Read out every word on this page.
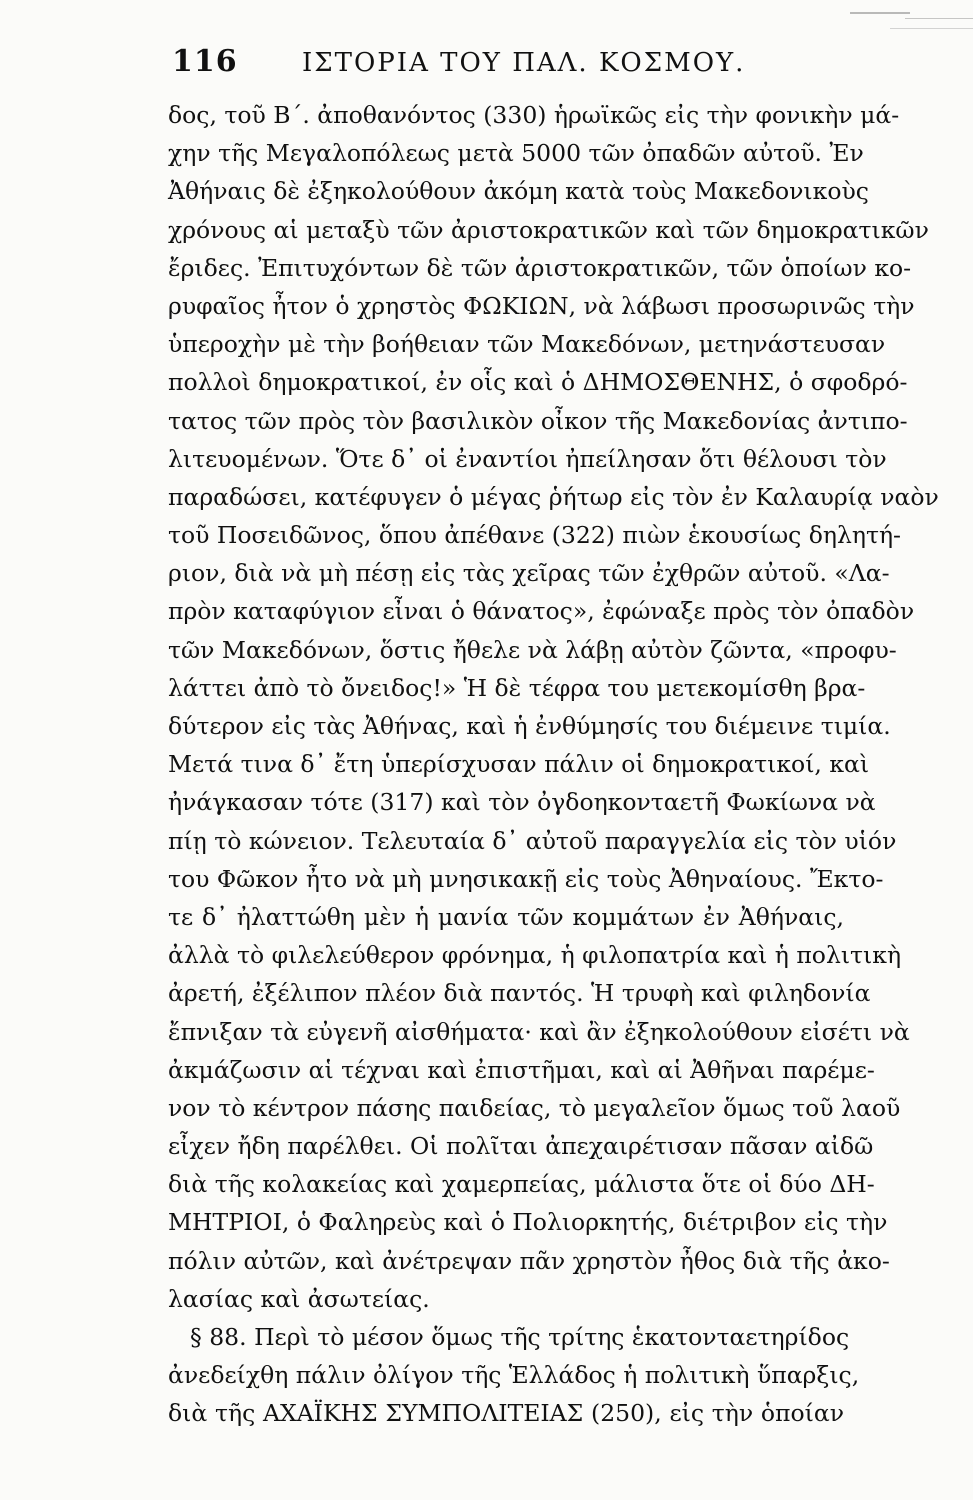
116 ΙΣΤΟΡΙΑ ΤΟΥ ΠΑΛ. ΚΟΣΜΟΥ.
δος, τοῦ Β΄. ἀποθανόντος (330) ἡρωϊκῶς εἰς τὴν φονικὴν μά-
χην τῆς Μεγαλοπόλεως μετὰ 5000 τῶν ὀπαδῶν αὐτοῦ. Ἐν
Ἀθήναις δὲ ἐξηκολούθουν ἀκόμη κατὰ τοὺς Μακεδονικοὺς
χρόνους αἱ μεταξὺ τῶν ἀριστοκρατικῶν καὶ τῶν δημοκρατικῶν
ἔριδες. Ἐπιτυχόντων δὲ τῶν ἀριστοκρατικῶν, τῶν ὁποίων κο-
ρυφαῖος ἦτον ὁ χρηστὸς ΦΩΚΙΩΝ, νὰ λάβωσι προσωρινῶς τὴν
ὑπεροχὴν μὲ τὴν βοήθειαν τῶν Μακεδόνων, μετηνάστευσαν
πολλοὶ δημοκρατικοί, ἐν οἷς καὶ ὁ ΔΗΜΟΣΘΕΝΗΣ, ὁ σφοδρό-
τατος τῶν πρὸς τὸν βασιλικὸν οἶκον τῆς Μακεδονίας ἀντιπο-
λιτευομένων. Ὅτε δ᾽ οἱ ἐναντίοι ἠπείλησαν ὅτι θέλουσι τὸν
παραδώσει, κατέφυγεν ὁ μέγας ῥήτωρ εἰς τὸν ἐν Καλαυρίᾳ ναὸν
τοῦ Ποσειδῶνος, ὅπου ἀπέθανε (322) πιὼν ἑκουσίως δηλητή-
ριον, διὰ νὰ μὴ πέσῃ εἰς τὰς χεῖρας τῶν ἐχθρῶν αὐτοῦ. «Λα-
πρὸν καταφύγιον εἶναι ὁ θάνατος», ἐφώναξε πρὸς τὸν ὀπαδὸν
τῶν Μακεδόνων, ὅστις ἤθελε νὰ λάβῃ αὐτὸν ζῶντα, «προφυ-
λάττει ἀπὸ τὸ ὄνειδος!» Ἡ δὲ τέφρα του μετεκομίσθη βρα-
δύτερον εἰς τὰς Ἀθήνας, καὶ ἡ ἐνθύμησίς του διέμεινε τιμία.
Μετά τινα δ᾽ ἔτη ὑπερίσχυσαν πάλιν οἱ δημοκρατικοί, καὶ
ἠνάγκασαν τότε (317) καὶ τὸν ὀγδοηκονταετῆ Φωκίωνα νὰ
πίῃ τὸ κώνειον. Τελευταία δ᾽ αὐτοῦ παραγγελία εἰς τὸν υἱόν
του Φῶκον ἦτο νὰ μὴ μνησικακῇ εἰς τοὺς Ἀθηναίους. Ἔκτο-
τε δ᾽ ἠλαττώθη μὲν ἡ μανία τῶν κομμάτων ἐν Ἀθήναις,
ἀλλὰ τὸ φιλελεύθερον φρόνημα, ἡ φιλοπατρία καὶ ἡ πολιτικὴ
ἀρετή, ἐξέλιπον πλέον διὰ παντός. Ἡ τρυφὴ καὶ φιληδονία
ἔπνιξαν τὰ εὐγενῆ αἰσθήματα· καὶ ἂν ἐξηκολούθουν εἰσέτι νὰ
ἀκμάζωσιν αἱ τέχναι καὶ ἐπιστῆμαι, καὶ αἱ Ἀθῆναι παρέμε-
νον τὸ κέντρον πάσης παιδείας, τὸ μεγαλεῖον ὅμως τοῦ λαοῦ
εἶχεν ἤδη παρέλθει. Οἱ πολῖται ἀπεχαιρέτισαν πᾶσαν αἰδῶ
διὰ τῆς κολακείας καὶ χαμερπείας, μάλιστα ὅτε οἱ δύο ΔΗ-
ΜΗΤΡΙΟΙ, ὁ Φαληρεὺς καὶ ὁ Πολιορκητής, διέτριβον εἰς τὴν
πόλιν αὐτῶν, καὶ ἀνέτρεψαν πᾶν χρηστὸν ἦθος διὰ τῆς ἀκο-
λασίας καὶ ἀσωτείας.
§ 88. Περὶ τὸ μέσον ὅμως τῆς τρίτης ἑκατονταετηρίδος
ἀνεδείχθη πάλιν ὀλίγον τῆς Ἑλλάδος ἡ πολιτικὴ ὕπαρξις,
διὰ τῆς ΑΧΑΪΚΗΣ ΣΥΜΠΟΛΙΤΕΙΑΣ (250), εἰς τὴν ὁποίαν
